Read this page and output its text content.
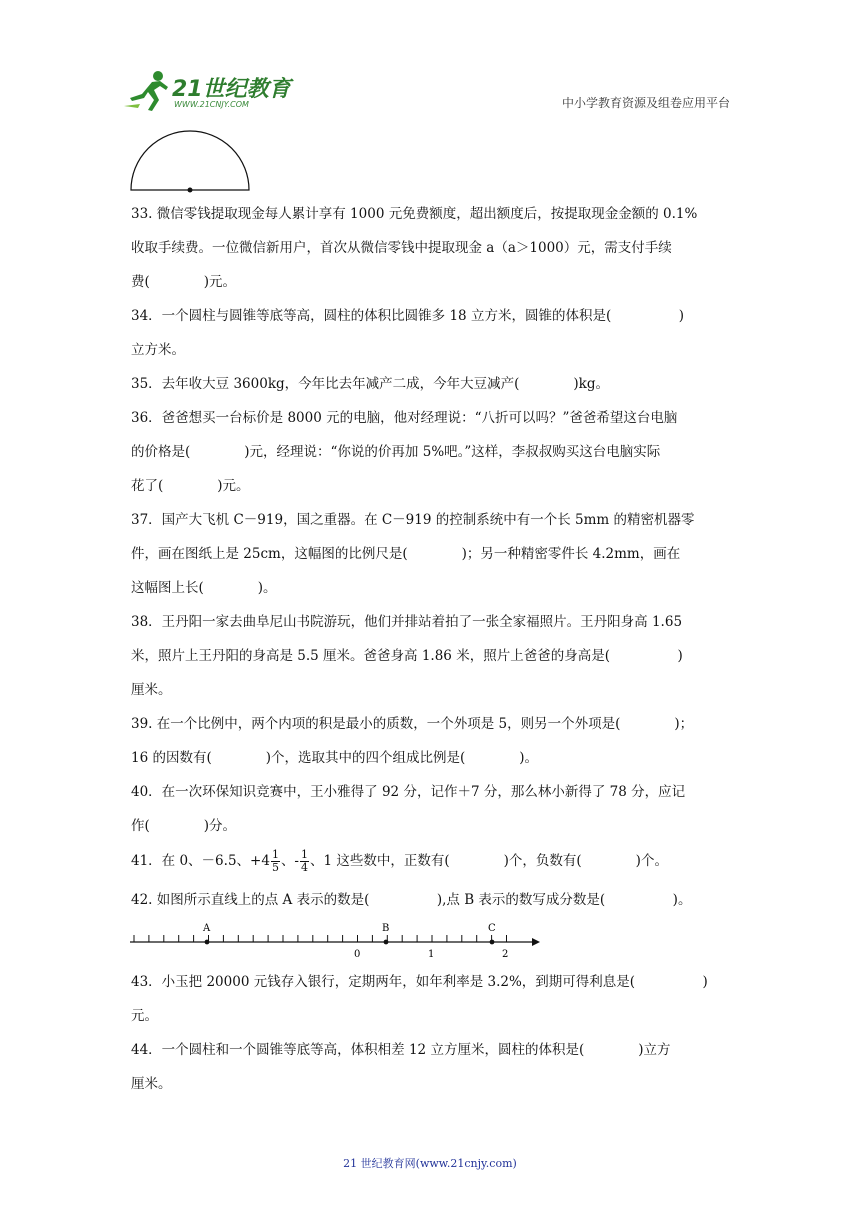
21世纪教育
WWW.21CNJY.COM	中小学教育资源及组卷应用平台
33. 微信零钱提取现金每人累计享有 1000 元免费额度，超出额度后，按提取现金金额的 0.1%
收取手续费。一位微信新用户，首次从微信零钱中提取现金 a（a＞1000）元，需支付手续
费(　　　　)元。
34．一个圆柱与圆锥等底等高，圆柱的体积比圆锥多 18 立方米，圆锥的体积是(　　　　　)
立方米。
35．去年收大豆 3600kg，今年比去年减产二成，今年大豆减产(　　　　)kg。
36．爸爸想买一台标价是 8000 元的电脑，他对经理说：“八折可以吗？”爸爸希望这台电脑
的价格是(　　　　)元，经理说：“你说的价再加 5%吧。”这样，李叔叔购买这台电脑实际
花了(　　　　)元。
37．国产大飞机 C－919，国之重器。在 C－919 的控制系统中有一个长 5mm 的精密机器零
件，画在图纸上是 25cm，这幅图的比例尺是(　　　　)；另一种精密零件长 4.2mm，画在
这幅图上长(　　　　)。
38．王丹阳一家去曲阜尼山书院游玩，他们并排站着拍了一张全家福照片。王丹阳身高 1.65
米，照片上王丹阳的身高是 5.5 厘米。爸爸身高 1.86 米，照片上爸爸的身高是(　　　　　)
厘米。
39. 在一个比例中，两个内项的积是最小的质数，一个外项是 5，则另一个外项是(　　　　)；
16 的因数有(　　　　)个，选取其中的四个组成比例是(　　　　)。
40．在一次环保知识竞赛中，王小雅得了 92 分，记作＋7 分，那么林小新得了 78 分，应记
作(　　　　)分。
41．在 0、－6.5、$+4 \frac{1}{5}$ 、- $\frac{1}{4}$ 、1 这些数中，正数有(　　　　)个，负数有(　　　　)个。
42. 如图所示直线上的点 A 表示的数是(　　　　　),点 B 表示的数写成分数是(　　　　　)。
A	B	C
0	1	2
43．小玉把 20000 元钱存入银行，定期两年，如年利率是 3.2%，到期可得利息是(　　　　　)
元。
44．一个圆柱和一个圆锥等底等高，体积相差 12 立方厘米，圆柱的体积是(　　　　)立方
厘米。
21 世纪教育网(www.21cnjy.com)
